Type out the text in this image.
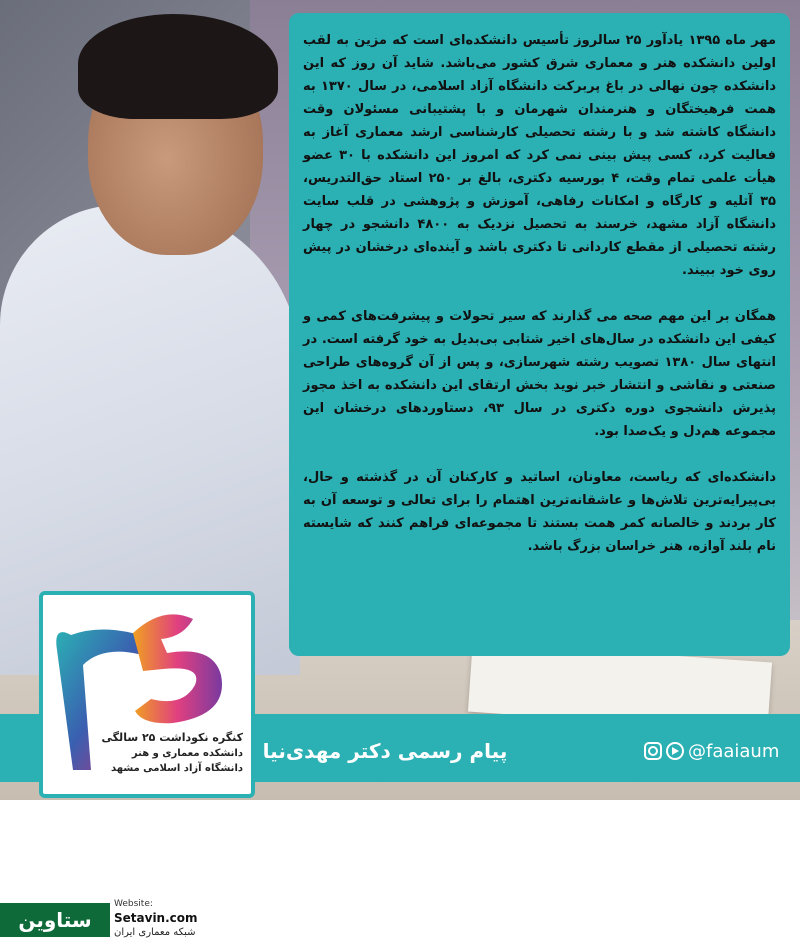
مهر ماه ۱۳۹۵ یادآور ۲۵ سالروز تأسیس دانشکده‌ای است که مزین به لقب اولین دانشکده هنر و معماری شرق کشور می‌باشد. شاید آن روز که این دانشکده چون نهالی در باغ پربرکت دانشگاه آزاد اسلامی، در سال ۱۳۷۰ به همت فرهیختگان و هنرمندان شهرمان و با پشتیبانی مسئولان وقت دانشگاه کاشته شد و با رشته تحصیلی کارشناسی ارشد معماری آغاز به فعالیت کرد، کسی پیش بینی نمی کرد که امروز این دانشکده با ۳۰ عضو هیأت علمی تمام وقت، ۴ بورسیه دکتری، بالغ بر ۲۵۰ استاد حق‌التدریس، ۳۵ آتلیه و کارگاه و امکانات رفاهی، آموزش و پژوهشی در قلب سایت دانشگاه آزاد مشهد، خرسند به تحصیل نزدیک به ۴۸۰۰ دانشجو در چهار رشته تحصیلی از مقطع کاردانی تا دکتری باشد و آینده‌ای درخشان در پیش روی خود ببیند.

همگان بر این مهم صحه می گذارند که سیر تحولات و پیشرفت‌های کمی و کیفی این دانشکده در سال‌های اخیر شتابی بی‌بدیل به خود گرفته است. در انتهای سال ۱۳۸۰ تصویب رشته شهرسازی، و پس از آن گروه‌های طراحی صنعتی و نقاشی و انتشار خبر نوید بخش ارتقای این دانشکده به اخذ مجوز پذیرش دانشجوی دوره دکتری در سال ۹۳، دستاوردهای درخشان این مجموعه هم‌دل و یک‌صدا بود.

دانشکده‌ای که ریاست، معاونان، اساتید و کارکنان آن در گذشته و حال، بی‌پیرایه‌ترین تلاش‌ها و عاشقانه‌ترین اهتمام را برای تعالی و توسعه آن به کار بردند و خالصانه کمر همت بستند تا مجموعه‌ای فراهم کنند که شایسته نام بلند آوازه، هنر خراسان بزرگ باشد.

پیام رسمی دکتر مهدی‌نیا	@faaiaum
کنگره نکوداشت ۲۵ سالگی
دانشکده معماری و هنر
دانشگاه آزاد اسلامی مشهد
ستاوین
Website:
Setavin.com
شبکه معماری ایران
